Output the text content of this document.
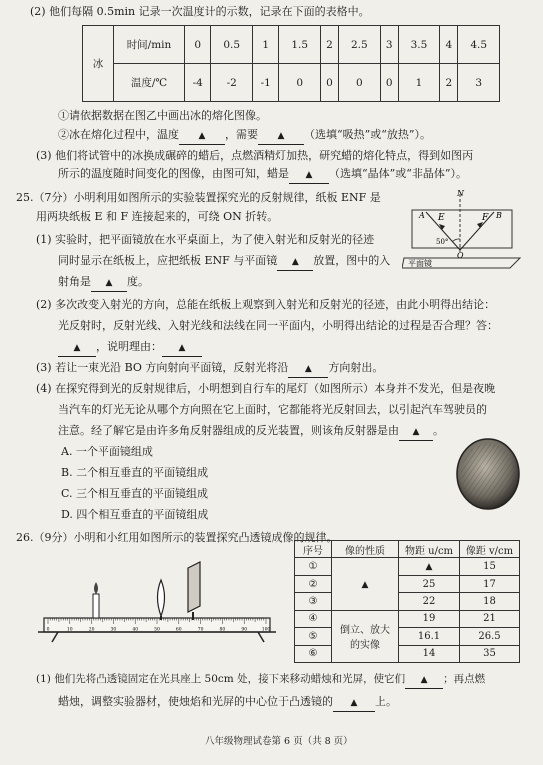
(2) 他们每隔 0.5min 记录一次温度计的示数，记录在下面的表格中。
冰	时间/min	0	0.5	1	1.5	2	2.5	3	3.5	4	4.5
	温度/℃	-4	-2	-1	0	0	0	0	1	2	3
①请依据数据在图乙中画出冰的熔化图像。
②冰在熔化过程中，温度 ▲ ，需要 ▲ （选填“吸热”或“放热”）。
(3) 他们将试管中的冰换成碾碎的蜡后，点燃酒精灯加热，研究蜡的熔化特点，得到如图丙
所示的温度随时间变化的图像，由图可知，蜡是 ▲ （选填“晶体”或“非晶体”）。
25.（7分）小明利用如图所示的实验装置探究光的反射规律，纸板 ENF 是
用两块纸板 E 和 F 连接起来的，可绕 ON 折转。
(1) 实验时，把平面镜放在水平桌面上，为了使入射光和反射光的径迹
同时显示在纸板上，应把纸板 ENF 与平面镜 ▲ 放置，图中的入
射角是 ▲ 度。
N
E	F
A	B
O
50°
平面镜
(2) 多次改变入射光的方向，总能在纸板上观察到入射光和反射光的径迹，由此小明得出结论：
光反射时，反射光线、入射光线和法线在同一平面内，小明得出结论的过程是否合理？答：
▲ ，说明理由： ▲
(3) 若让一束光沿 BO 方向射向平面镜，反射光将沿 ▲ 方向射出。
(4) 在探究得到光的反射规律后，小明想到自行车的尾灯（如图所示）本身并不发光，但是夜晚
当汽车的灯光无论从哪个方向照在它上面时，它都能将光反射回去，以引起汽车驾驶员的
注意。经了解它是由许多角反射器组成的反光装置，则该角反射器是由 ▲ 。
A. 一个平面镜组成
B. 二个相互垂直的平面镜组成
C. 三个相互垂直的平面镜组成
D. 四个相互垂直的平面镜组成
26.（9分）小明和小红用如图所示的装置探究凸透镜成像的规律。
0	10	20	30	40	50	60	70	80	90	100
序号	像的性质	物距 u/cm	像距 v/cm
①	▲	▲	15
②		25	17
③		22	18
④	倒立、放大
的实像	19	21
⑤		16.1	26.5
⑥		14	35
(1) 他们先将凸透镜固定在光具座上 50cm 处，接下来移动蜡烛和光屏，使它们 ▲ ；再点燃
蜡烛，调整实验器材，使烛焰和光屏的中心位于凸透镜的 ▲ 上。
八年级物理试卷第 6 页（共 8 页）
